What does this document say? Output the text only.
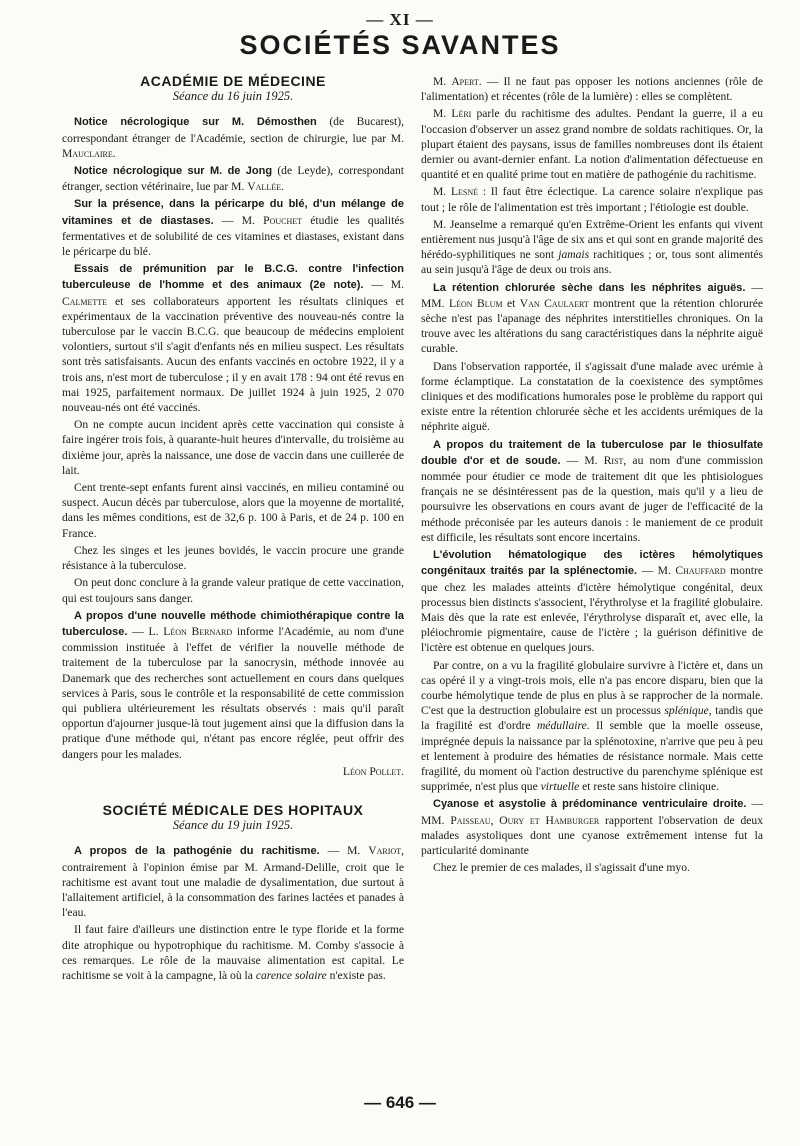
— XI —
SOCIÉTÉS SAVANTES
ACADÉMIE DE MÉDECINE
Séance du 16 juin 1925.

Notice nécrologique sur M. Démosthen (de Bucarest), correspondant étranger de l'Académie, section de chirurgie, lue par M. Mauclaire.

Notice nécrologique sur M. de Jong (de Leyde), correspondant étranger, section vétérinaire, lue par M. Vallée.

Sur la présence, dans la péricarpe du blé, d'un mélange de vitamines et de diastases. — M. Pouchet étudie les qualités fermentatives et de solubilité de ces vitamines et diastases, existant dans le péricarpe du blé.

Essais de prémunition par le B.C.G. contre l'infection tuberculeuse de l'homme et des animaux (2e note). — M. Calmette et ses collaborateurs apportent les résultats cliniques et expérimentaux de la vaccination préventive des nouveau-nés contre la tuberculose par le vaccin B.C.G. que beaucoup de médecins emploient volontiers, surtout s'il s'agit d'enfants nés en milieu suspect. Les résultats sont très satisfaisants. Aucun des enfants vaccinés en octobre 1922, il y a trois ans, n'est mort de tuberculose ; il y en avait 178 : 94 ont été revus en mai 1925, parfaitement normaux. De juillet 1924 à juin 1925, 2 070 nouveau-nés ont été vaccinés.

On ne compte aucun incident après cette vaccination qui consiste à faire ingérer trois fois, à quarante-huit heures d'intervalle, du troisième au dixième jour, après la naissance, une dose de vaccin dans une cuillerée de lait.

Cent trente-sept enfants furent ainsi vaccinés, en milieu contaminé ou suspect. Aucun décès par tuberculose, alors que la moyenne de mortalité, dans les mêmes conditions, est de 32,6 p. 100 à Paris, et de 24 p. 100 en France.

Chez les singes et les jeunes bovidés, le vaccin procure une grande résistance à la tuberculose.

On peut donc conclure à la grande valeur pratique de cette vaccination, qui est toujours sans danger.

A propos d'une nouvelle méthode chimiothérapique contre la tuberculose. — L. Léon Bernard informe l'Académie, au nom d'une commission instituée à l'effet de vérifier la nouvelle méthode de traitement de la tuberculose par la sanocrysin, méthode innovée au Danemark que des recherches sont actuellement en cours dans quelques services à Paris, sous le contrôle et la responsabilité de cette commission qui publiera ultérieurement les résultats observés : mais qu'il paraît opportun d'ajourner jusque-là tout jugement ainsi que la diffusion dans la pratique d'une méthode qui, n'étant pas encore réglée, peut offrir des dangers pour les malades.

Léon Pollet.

SOCIÉTÉ MÉDICALE DES HOPITAUX
Séance du 19 juin 1925.

A propos de la pathogénie du rachitisme. — M. Variot, contrairement à l'opinion émise par M. Armand-Delille, croit que le rachitisme est avant tout une maladie de dysalimentation, due surtout à l'allaitement artificiel, à la consommation des farines lactées et panades à l'eau.

Il faut faire d'ailleurs une distinction entre le type floride et la forme dite atrophique ou hypotrophique du rachitisme. M. Comby s'associe à ces remarques. Le rôle de la mauvaise alimentation est capital. Le rachitisme se voit à la campagne, là où la carence solaire n'existe pas.

M. Apert. — Il ne faut pas opposer les notions anciennes (rôle de l'alimentation) et récentes (rôle de la lumière) : elles se complètent.

M. Léri parle du rachitisme des adultes. Pendant la guerre, il a eu l'occasion d'observer un assez grand nombre de soldats rachitiques. Or, la plupart étaient des paysans, issus de familles nombreuses dont ils étaient dernier ou avant-dernier enfant. La notion d'alimentation défectueuse en quantité et en qualité prime tout en matière de pathogénie du rachitisme.

M. Lesné : Il faut être éclectique. La carence solaire n'explique pas tout ; le rôle de l'alimentation est très important ; l'étiologie est double.

M. Jeanselme a remarqué qu'en Extrême-Orient les enfants qui vivent entièrement nus jusqu'à l'âge de six ans et qui sont en grande majorité des hérédo-syphilitiques ne sont jamais rachitiques ; or, tous sont alimentés au sein jusqu'à l'âge de deux ou trois ans.

La rétention chlorurée sèche dans les néphrites aiguës. — MM. Léon Blum et Van Caulaert montrent que la rétention chlorurée sèche n'est pas l'apanage des néphrites interstitielles chroniques. On la trouve avec les altérations du sang caractéristiques dans la néphrite aiguë curable.

Dans l'observation rapportée, il s'agissait d'une malade avec urémie à forme éclamptique. La constatation de la coexistence des symptômes cliniques et des modifications humorales pose le problème du rapport qui existe entre la rétention chlorurée sèche et les accidents urémiques de la néphrite aiguë.

A propos du traitement de la tuberculose par le thiosulfate double d'or et de soude. — M. Rist, au nom d'une commission nommée pour étudier ce mode de traitement dit que les phtisiologues français ne se désintéressent pas de la question, mais qu'il y a lieu de poursuivre les observations en cours avant de juger de l'efficacité de la méthode préconisée par les auteurs danois : le maniement de ce produit est difficile, les résultats sont encore incertains.

L'évolution hématologique des ictères hémolytiques congénitaux traités par la splénectomie. — M. Chauffard montre que chez les malades atteints d'ictère hémolytique congénital, deux processus bien distincts s'associent, l'érythrolyse et la fragilité globulaire. Mais dès que la rate est enlevée, l'érythrolyse disparaît et, avec elle, la pléiochromie pigmentaire, cause de l'ictère ; la guérison définitive de l'ictère est obtenue en quelques jours.

Par contre, on a vu la fragilité globulaire survivre à l'ictère et, dans un cas opéré il y a vingt-trois mois, elle n'a pas encore disparu, bien que la courbe hémolytique tende de plus en plus à se rapprocher de la normale. C'est que la destruction globulaire est un processus splénique, tandis que la fragilité est d'ordre médullaire. Il semble que la moelle osseuse, imprégnée depuis la naissance par la splénotoxine, n'arrive que peu à peu et lentement à produire des hématies de résistance normale. Mais cette fragilité, du moment où l'action destructive du parenchyme splénique est supprimée, n'est plus que virtuelle et reste sans histoire clinique.

Cyanose et asystolie à prédominance ventriculaire droite. — MM. Paisseau, Oury et Hamburger rapportent l'observation de deux malades asystoliques dont une cyanose extrêmement intense fut la particularité dominante

Chez le premier de ces malades, il s'agissait d'une myo.

— 646 —
